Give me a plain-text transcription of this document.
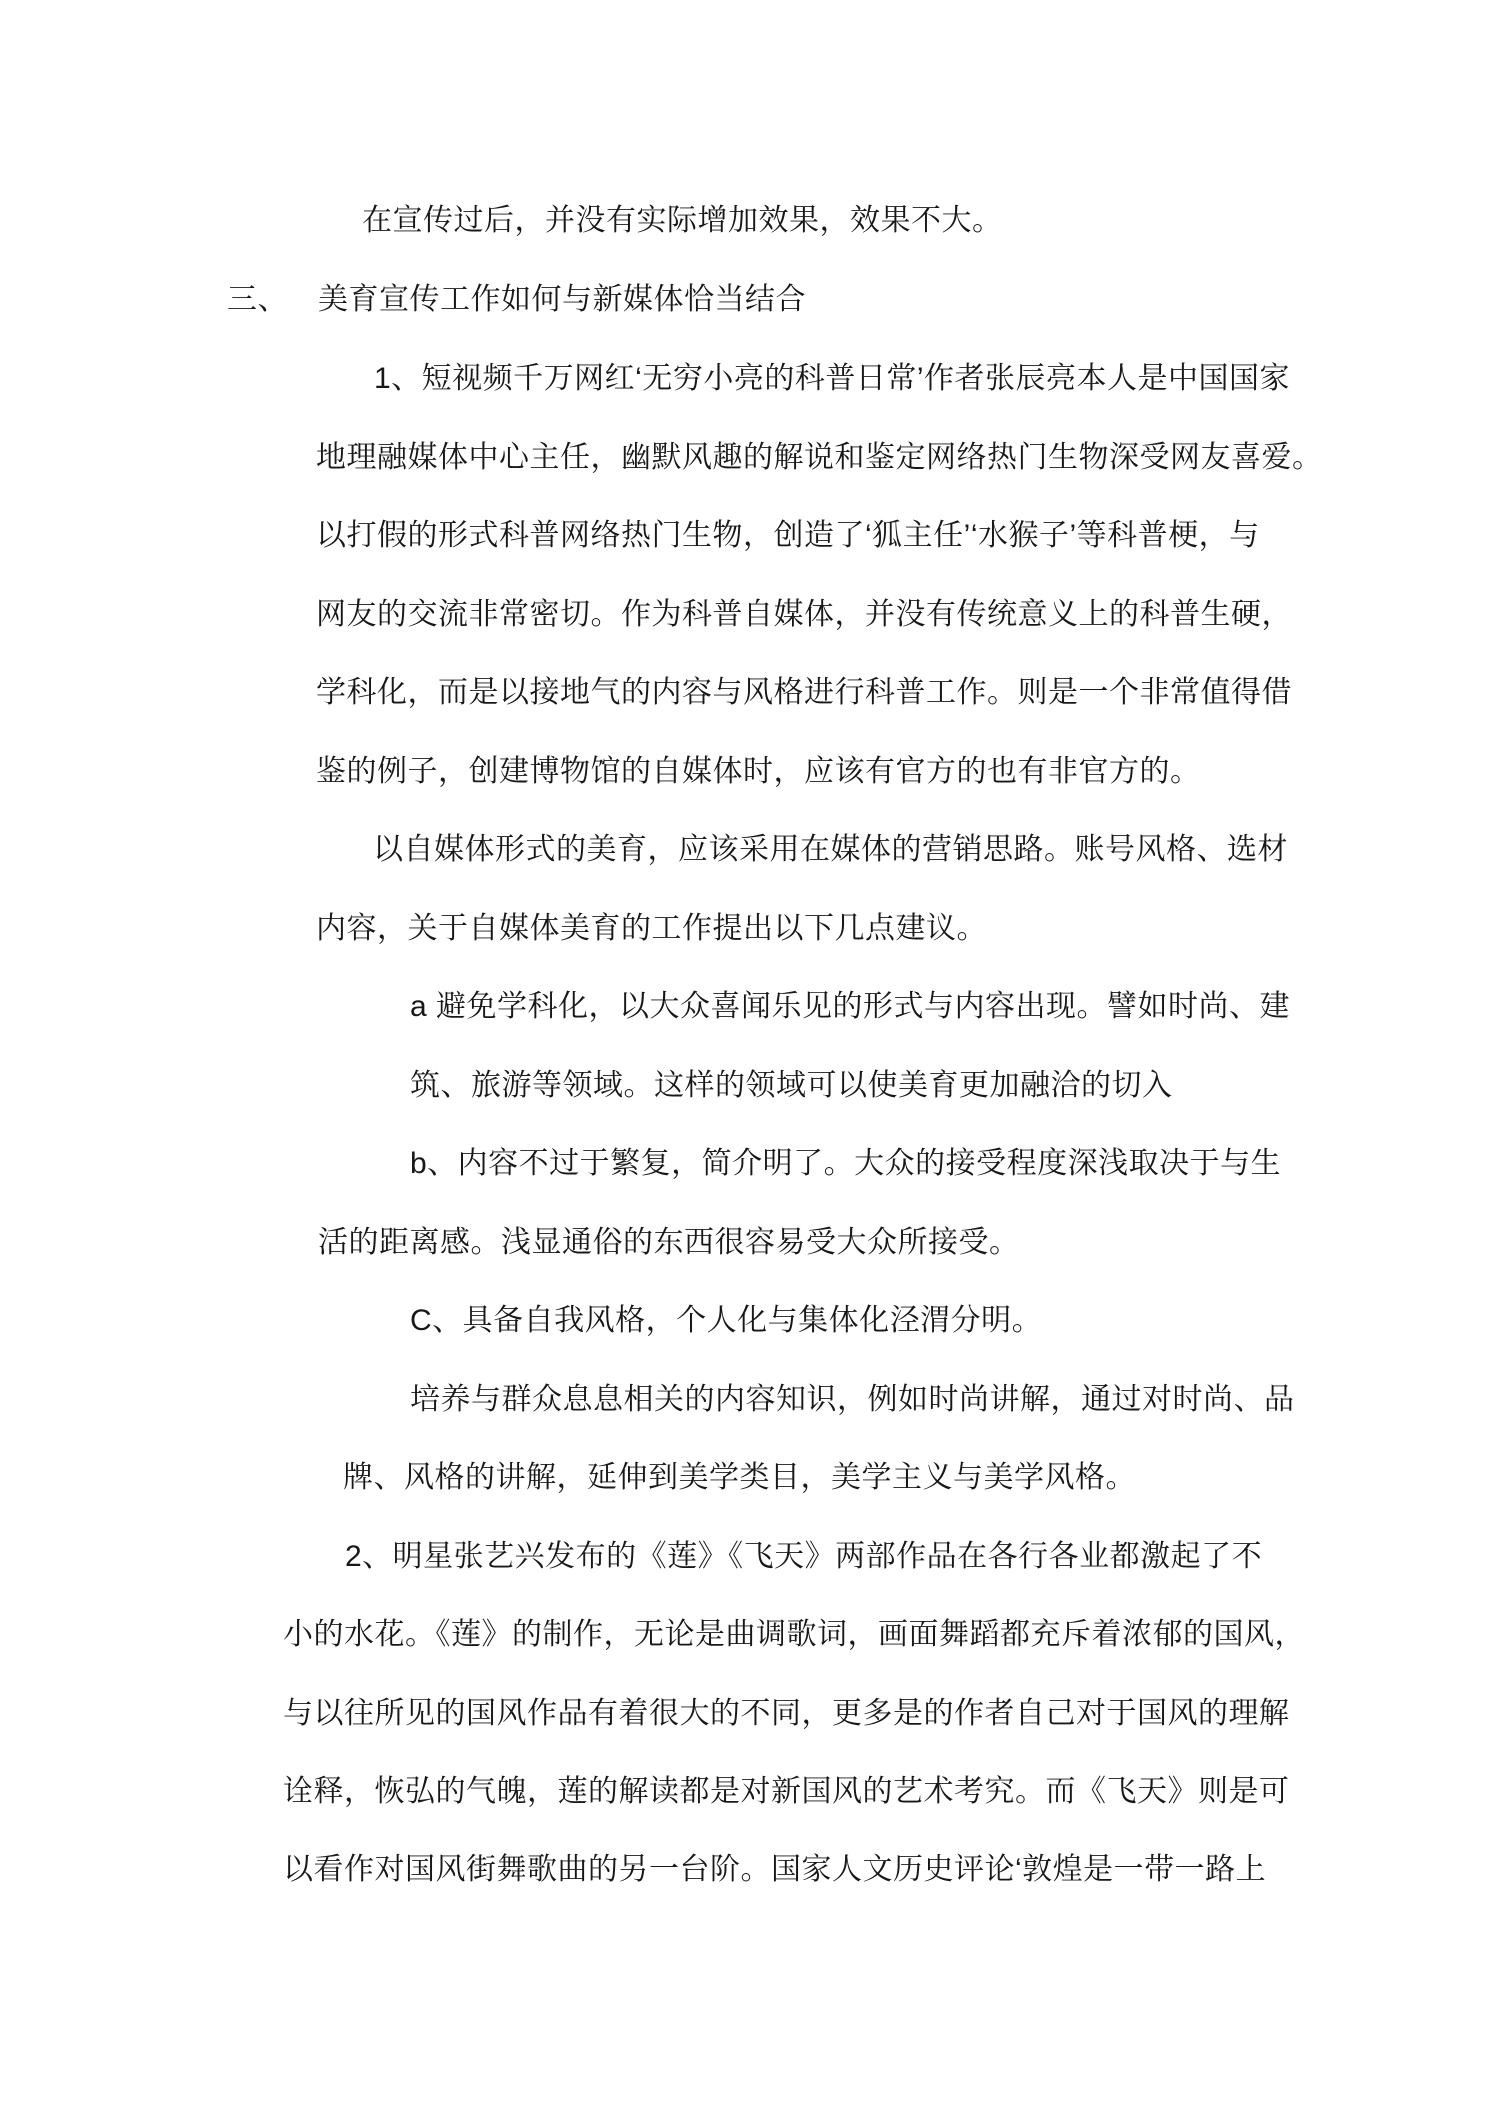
在宣传过后，并没有实际增加效果，效果不大。
三、 美育宣传工作如何与新媒体恰当结合
1、短视频千万网红‘无穷小亮的科普日常’作者张辰亮本人是中国国家
地理融媒体中心主任，幽默风趣的解说和鉴定网络热门生物深受网友喜爱。
以打假的形式科普网络热门生物，创造了‘狐主任’‘水猴子’等科普梗，与
网友的交流非常密切。作为科普自媒体，并没有传统意义上的科普生硬，
学科化，而是以接地气的内容与风格进行科普工作。则是一个非常值得借
鉴的例子，创建博物馆的自媒体时，应该有官方的也有非官方的。
以自媒体形式的美育，应该采用在媒体的营销思路。账号风格、选材
内容，关于自媒体美育的工作提出以下几点建议。
a 避免学科化，以大众喜闻乐见的形式与内容出现。譬如时尚、建
筑、旅游等领域。这样的领域可以使美育更加融洽的切入
b、内容不过于繁复，简介明了。大众的接受程度深浅取决于与生
活的距离感。浅显通俗的东西很容易受大众所接受。
C、具备自我风格，个人化与集体化泾渭分明。
培养与群众息息相关的内容知识，例如时尚讲解，通过对时尚、品
牌、风格的讲解，延伸到美学类目，美学主义与美学风格。
2、明星张艺兴发布的《莲》《飞天》两部作品在各行各业都激起了不
小的水花。《莲》的制作，无论是曲调歌词，画面舞蹈都充斥着浓郁的国风，
与以往所见的国风作品有着很大的不同，更多是的作者自己对于国风的理解
诠释，恢弘的气魄，莲的解读都是对新国风的艺术考究。而《飞天》则是可
以看作对国风街舞歌曲的另一台阶。国家人文历史评论‘敦煌是一带一路上
